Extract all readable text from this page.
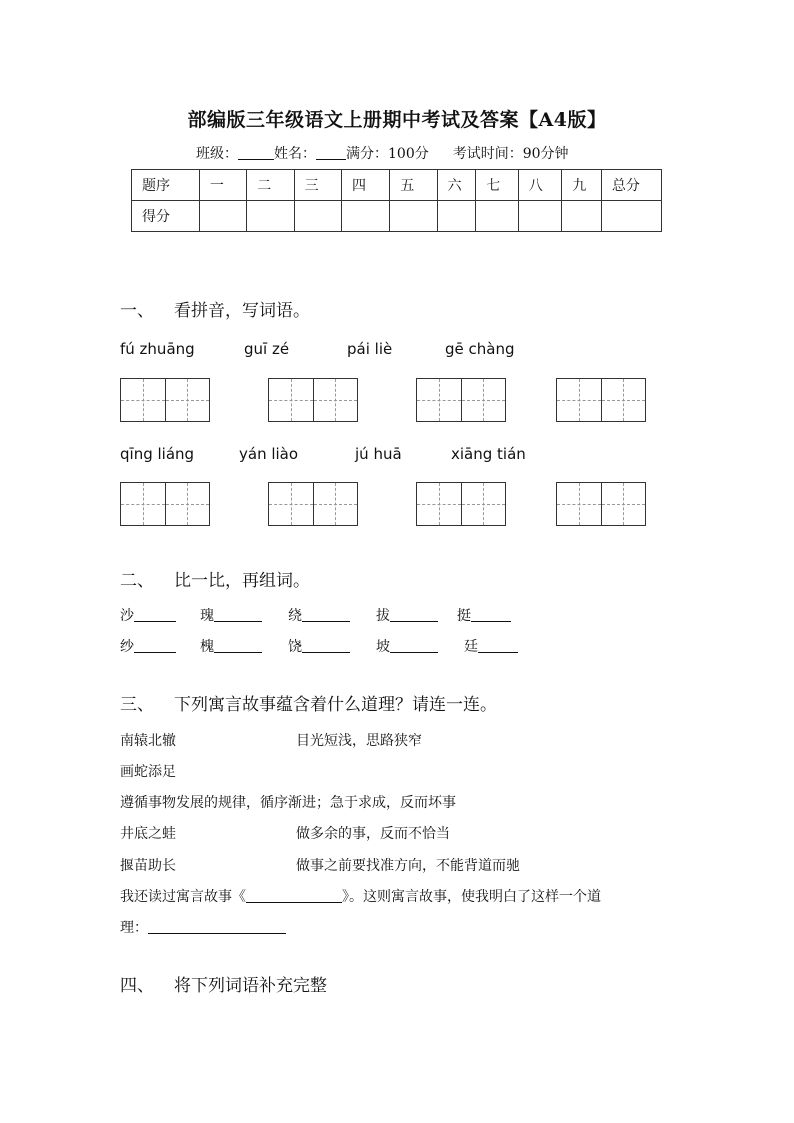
部编版三年级语文上册期中考试及答案【A4版】
班级：	姓名： 满分：100分 考试时间：90分钟
题序	一	二	三	四	五	六	七	八	九	总分
得分										
一、 看拼音，写词语。
fú zhuāng	guī zé	pái liè	gē chàng
qīng liáng	yán liào	jú huā	xiāng tián
二、 比一比，再组词。
沙	瑰	绕	拔	挺
纱	槐	饶	坡	廷
三、 下列寓言故事蕴含着什么道理？请连一连。
南辕北辙	目光短浅，思路狭窄
画蛇添足
遵循事物发展的规律，循序渐进；急于求成，反而坏事
井底之蛙	做多余的事，反而不恰当
揠苗助长	做事之前要找准方向，不能背道而驰
我还读过寓言故事《	》。这则寓言故事，使我明白了这样一个道
理：
四、 将下列词语补充完整
